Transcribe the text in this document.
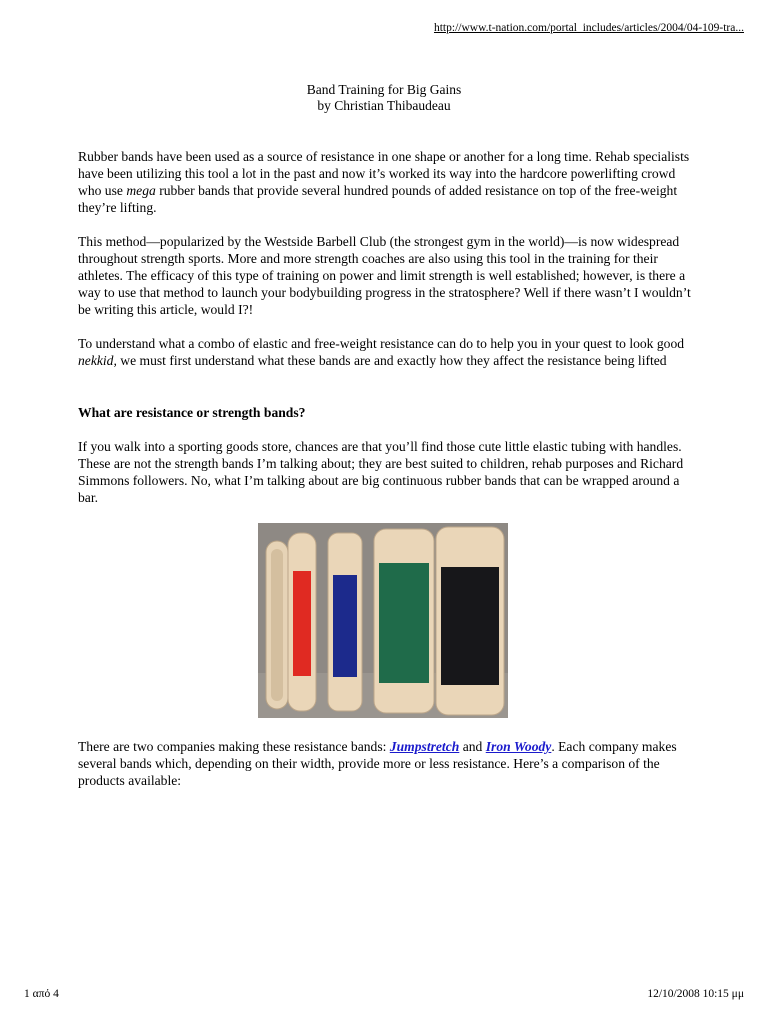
http://www.t-nation.com/portal_includes/articles/2004/04-109-tra...
Band Training for Big Gains
by Christian Thibaudeau

Rubber bands have been used as a source of resistance in one shape or another for a long time. Rehab specialists have been utilizing this tool a lot in the past and now it’s worked its way into the hardcore powerlifting crowd who use mega rubber bands that provide several hundred pounds of added resistance on top of the free-weight they’re lifting.

This method—popularized by the Westside Barbell Club (the strongest gym in the world)—is now widespread throughout strength sports. More and more strength coaches are also using this tool in the training for their athletes. The efficacy of this type of training on power and limit strength is well established; however, is there a way to use that method to launch your bodybuilding progress in the stratosphere? Well if there wasn’t I wouldn’t be writing this article, would I?!

To understand what a combo of elastic and free-weight resistance can do to help you in your quest to look good nekkid, we must first understand what these bands are and exactly how they affect the resistance being lifted

What are resistance or strength bands?

If you walk into a sporting goods store, chances are that you’ll find those cute little elastic tubing with handles. These are not the strength bands I’m talking about; they are best suited to children, rehab purposes and Richard Simmons followers. No, what I’m talking about are big continuous rubber bands that can be wrapped around a bar.

There are two companies making these resistance bands: Jumpstretch and Iron Woody. Each company makes several bands which, depending on their width, provide more or less resistance. Here’s a comparison of the products available:

1 από 4	12/10/2008 10:15 μμ
